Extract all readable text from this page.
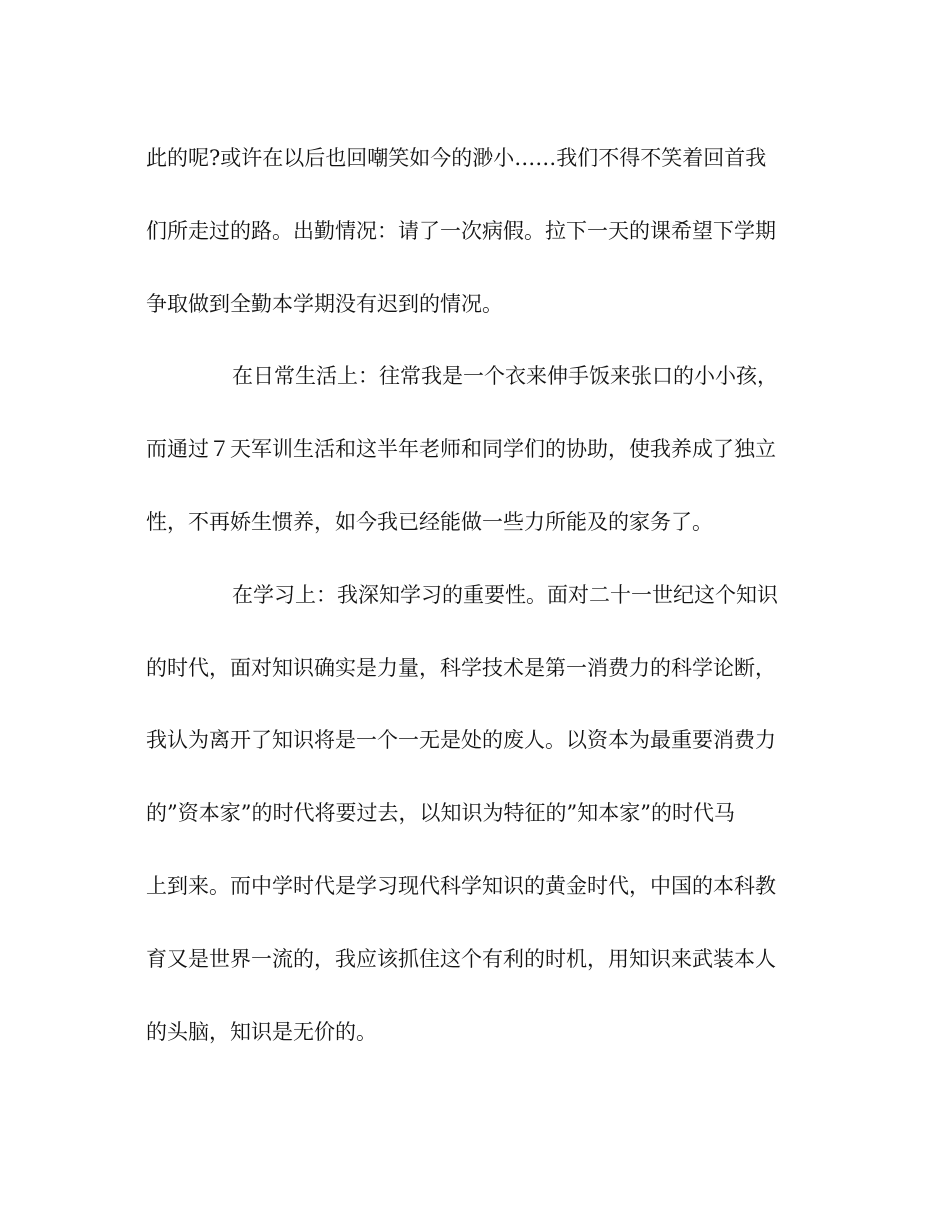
此的呢?或许在以后也回嘲笑如今的渺小……我们不得不笑着回首我
们所走过的路。出勤情况：请了一次病假。拉下一天的课希望下学期
争取做到全勤本学期没有迟到的情况。
在日常生活上：往常我是一个衣来伸手饭来张口的小小孩，
而通过７天军训生活和这半年老师和同学们的协助，使我养成了独立
性，不再娇生惯养，如今我已经能做一些力所能及的家务了。
在学习上：我深知学习的重要性。面对二十一世纪这个知识
的时代，面对知识确实是力量，科学技术是第一消费力的科学论断，
我认为离开了知识将是一个一无是处的废人。以资本为最重要消费力
的”资本家”的时代将要过去，以知识为特征的”知本家”的时代马
上到来。而中学时代是学习现代科学知识的黄金时代，中国的本科教
育又是世界一流的，我应该抓住这个有利的时机，用知识来武装本人
的头脑，知识是无价的。
